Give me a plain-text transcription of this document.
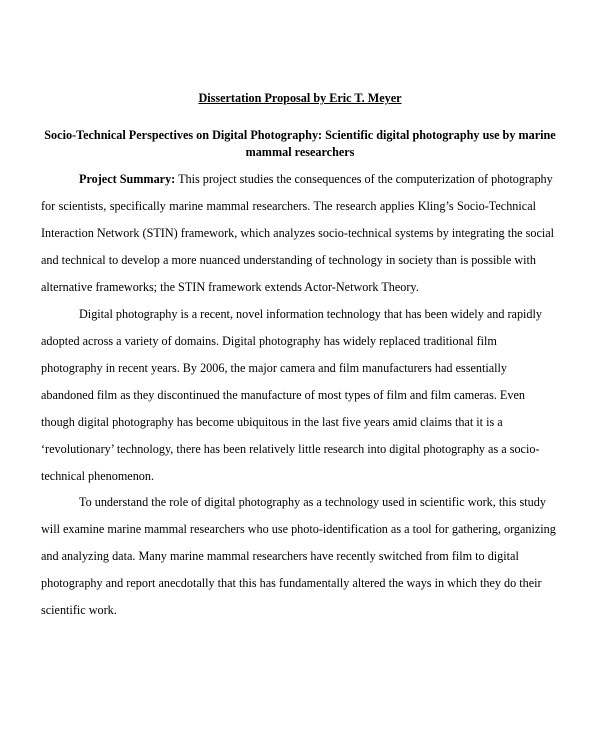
Dissertation Proposal by Eric T. Meyer
Socio-Technical Perspectives on Digital Photography: Scientific digital photography use by marine
mammal researchers
Project Summary: This project studies the consequences of the computerization of photography
for scientists, specifically marine mammal researchers. The research applies Kling’s Socio-Technical
Interaction Network (STIN) framework, which analyzes socio-technical systems by integrating the social
and technical to develop a more nuanced understanding of technology in society than is possible with
alternative frameworks; the STIN framework extends Actor-Network Theory.
Digital photography is a recent, novel information technology that has been widely and rapidly
adopted across a variety of domains. Digital photography has widely replaced traditional film
photography in recent years. By 2006, the major camera and film manufacturers had essentially
abandoned film as they discontinued the manufacture of most types of film and film cameras. Even
though digital photography has become ubiquitous in the last five years amid claims that it is a
‘revolutionary’ technology, there has been relatively little research into digital photography as a socio-
technical phenomenon.
To understand the role of digital photography as a technology used in scientific work, this study
will examine marine mammal researchers who use photo-identification as a tool for gathering, organizing
and analyzing data. Many marine mammal researchers have recently switched from film to digital
photography and report anecdotally that this has fundamentally altered the ways in which they do their
scientific work.
